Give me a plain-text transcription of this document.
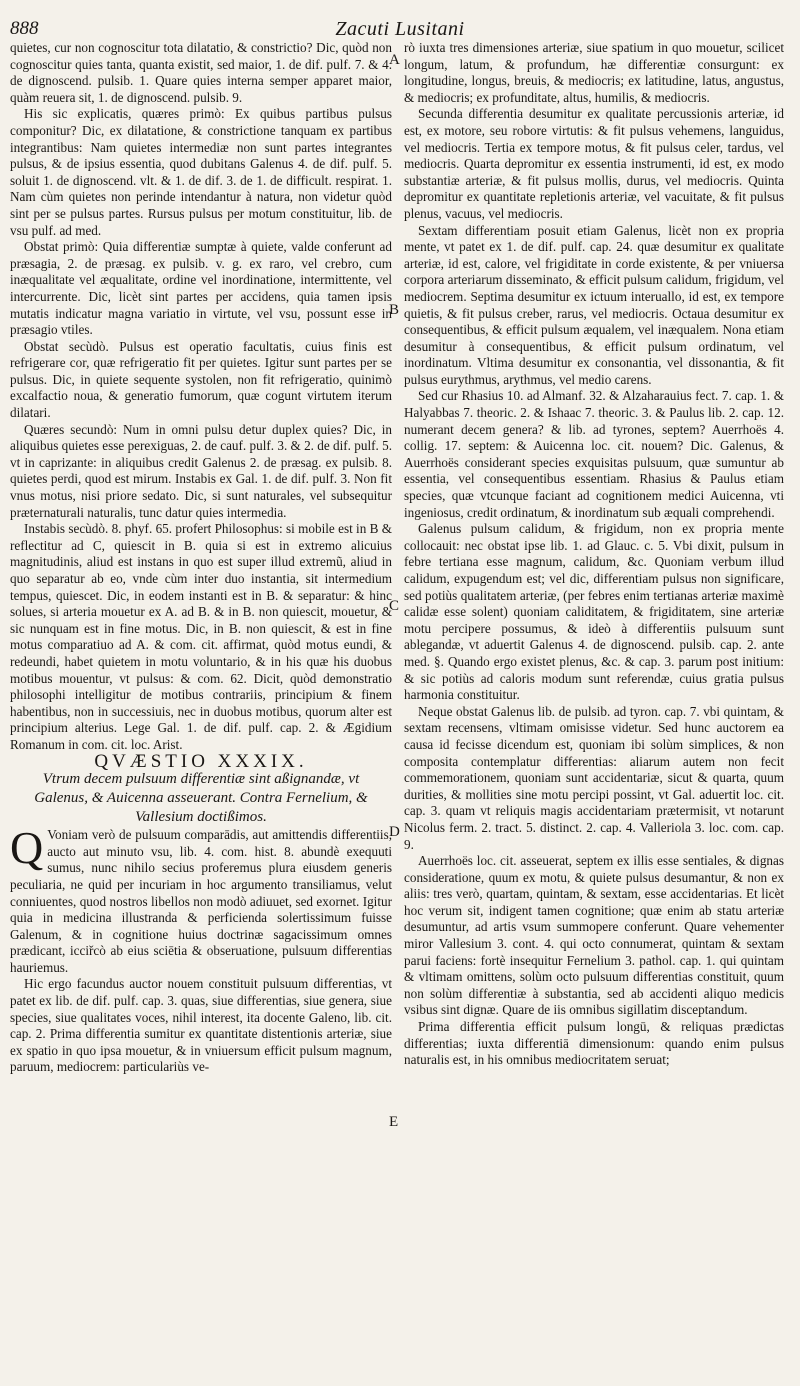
888	Zacuti Lusitani
A
B
C
D
E

quietes, cur non cognoscitur tota dilatatio, & constrictio? Dic, quòd non cognoscitur quies tanta, quanta existit, sed maior, 1. de dif. pulf. 7. & 4. de dignoscend. pulsib. 1. Quare quies interna semper apparet maior, quàm reuera sit, 1. de dignoscend. pulsib. 9.

His sic explicatis, quæres primò: Ex quibus partibus pulsus componitur? Dic, ex dilatatione, & constrictione tanquam ex partibus integrantibus: Nam quietes intermediæ non sunt partes integrantes pulsus, & de ipsius essentia, quod dubitans Galenus 4. de dif. pulf. 5. soluit 1. de dignoscend. vlt. & 1. de dif. 3. de 1. de difficult. respirat. 1. Nam cùm quietes non perinde intendantur à natura, non videtur quòd sint per se pulsus partes. Rursus pulsus per motum constituitur, lib. de vsu pulf. ad med.

Obstat primò: Quia differentiæ sumptæ à quiete, valde conferunt ad præsagia, 2. de præsag. ex pulsib. v. g. ex raro, vel crebro, cum inæqualitate vel æqualitate, ordine vel inordinatione, intermittente, vel intercurrente. Dic, licèt sint partes per accidens, quia tamen ipsis mutatis indicatur magna variatio in virtute, vel vsu, possunt esse in præsagio vtiles.

Obstat secùdò. Pulsus est operatio facultatis, cuius finis est refrigerare cor, quæ refrigeratio fit per quietes. Igitur sunt partes per se pulsus. Dic, in quiete sequente systolen, non fit refrigeratio, quinimò excalfactio noua, & generatio fumorum, quæ cogunt virtutem iterum dilatari.

Quæres secundò: Num in omni pulsu detur duplex quies? Dic, in aliquibus quietes esse perexiguas, 2. de cauf. pulf. 3. & 2. de dif. pulf. 5. vt in caprizante: in aliquibus credit Galenus 2. de præsag. ex pulsib. 8. quietes perdi, quod est mirum. Instabis ex Gal. 1. de dif. pulf. 3. Non fit vnus motus, nisi priore sedato. Dic, si sunt naturales, vel subsequitur præternaturali naturalis, tunc datur quies intermedia.

Instabis secùdò. 8. phyf. 65. profert Philosophus: si mobile est in B & reflectitur ad C, quiescit in B. quia si est in extremo alicuius magnitudinis, aliud est instans in quo est super illud extremũ, aliud in quo separatur ab eo, vnde cùm inter duo instantia, sit intermedium tempus, quiescet. Dic, in eodem instanti est in B. & separatur: & hinc solues, si arteria mouetur ex A. ad B. & in B. non quiescit, mouetur, & sic nunquam est in fine motus. Dic, in B. non quiescit, & est in fine motus comparatiuo ad A. & com. cit. affirmat, quòd motus eundi, & redeundi, habet quietem in motu voluntario, & in his quæ his duobus motibus mouentur, vt pulsus: & com. 62. Dicit, quòd demonstratio philosophi intelligitur de motibus contrariis, principium & finem habentibus, non in successiuis, nec in duobus motibus, quorum alter est principium alterius. Lege Gal. 1. de dif. pulf. cap. 2. & Ægidium Romanum in com. cit. loc. Arist.

QVÆSTIO XXXIX.

Vtrum decem pulsuum differentiæ sint aßignandæ, vt Galenus, & Auicenna asseuerant. Contra Fernelium, & Vallesium doctißimos.

Q Voniam verò de pulsuum comparādis, aut amittendis differentiis, aucto aut minuto vsu, lib. 4. com. hist. 8. abundè exequuti sumus, nunc nihilo secius proferemus plura eiusdem generis peculiaria, ne quid per incuriam in hoc argumento transiliamus, velut conniuentes, quod nostros libellos non modò adiuuet, sed exornet. Igitur quia in medicina illustranda & perficienda solertissimum fuisse Galenum, & in cognitione huius doctrinæ sagacissimum omnes prædicant, icciřcò ab eius sciētia & obseruatione, pulsuum differentias hauriemus.

Hic ergo facundus auctor nouem constituit pulsuum differentias, vt patet ex lib. de dif. pulf. cap. 3. quas, siue differentias, siue genera, siue species, siue qualitates voces, nihil interest, ita docente Galeno, lib. cit. cap. 2. Prima differentia sumitur ex quantitate distentionis arteriæ, siue ex spatio in quo ipsa mouetur, & in vniuersum efficit pulsum magnum, paruum, mediocrem: particulariùs ve-

rò iuxta tres dimensiones arteriæ, siue spatium in quo mouetur, scilicet longum, latum, & profundum, hæ differentiæ consurgunt: ex longitudine, longus, breuis, & mediocris; ex latitudine, latus, angustus, & mediocris; ex profunditate, altus, humilis, & mediocris.

Secunda differentia desumitur ex qualitate percussionis arteriæ, id est, ex motore, seu robore virtutis: & fit pulsus vehemens, languidus, vel mediocris. Tertia ex tempore motus, & fit pulsus celer, tardus, vel mediocris. Quarta depromitur ex essentia instrumenti, id est, ex modo substantiæ arteriæ, & fit pulsus mollis, durus, vel mediocris. Quinta depromitur ex quantitate repletionis arteriæ, vel vacuitate, & fit pulsus plenus, vacuus, vel mediocris.

Sextam differentiam posuit etiam Galenus, licèt non ex propria mente, vt patet ex 1. de dif. pulf. cap. 24. quæ desumitur ex qualitate arteriæ, id est, calore, vel frigiditate in corde existente, & per vniuersa corpora arteriarum disseminato, & efficit pulsum calidum, frigidum, vel mediocrem. Septima desumitur ex ictuum interuallo, id est, ex tempore quietis, & fit pulsus creber, rarus, vel mediocris. Octaua desumitur ex consequentibus, & efficit pulsum æqualem, vel inæqualem. Nona etiam desumitur à consequentibus, & efficit pulsum ordinatum, vel inordinatum. Vltima desumitur ex consonantia, vel dissonantia, & fit pulsus eurythmus, arythmus, vel medio carens.

Sed cur Rhasius 10. ad Almanf. 32. & Alzaharauius fect. 7. cap. 1. & Halyabbas 7. theoric. 2. & Ishaac 7. theoric. 3. & Paulus lib. 2. cap. 12. numerant decem genera? & lib. ad tyrones, septem? Auerrhoës 4. collig. 17. septem: & Auicenna loc. cit. nouem? Dic. Galenus, & Auerrhoës considerant species exquisitas pulsuum, quæ sumuntur ab essentia, vel consequentibus essentiam. Rhasius & Paulus etiam species, quæ vtcunque faciant ad cognitionem medici Auicenna, vti ingeniosus, credit ordinatum, & inordinatum sub æquali comprehendi.

Galenus pulsum calidum, & frigidum, non ex propria mente collocauit: nec obstat ipse lib. 1. ad Glauc. c. 5. Vbi dixit, pulsum in febre tertiana esse magnum, calidum, &c. Quoniam verbum illud calidum, expugendum est; vel dic, differentiam pulsus non significare, sed potiùs qualitatem arteriæ, (per febres enim tertianas arteriæ maximè calidæ esse solent) quoniam caliditatem, & frigiditatem, sine arteriæ motu percipere possumus, & ideò à differentiis pulsuum sunt ablegandæ, vt aduertit Galenus 4. de dignoscend. pulsib. cap. 2. ante med. §. Quando ergo existet plenus, &c. & cap. 3. parum post initium: & sic potiùs ad caloris modum sunt referendæ, cuius gratia pulsus harmonia constituitur.

Neque obstat Galenus lib. de pulsib. ad tyron. cap. 7. vbi quintam, & sextam recensens, vltimam omisisse videtur. Sed hunc auctorem ea causa id fecisse dicendum est, quoniam ibi solùm simplices, & non composita contemplatur differentias: aliarum autem non fecit commemorationem, quoniam sunt accidentariæ, sicut & quarta, quum durities, & mollities sine motu percipi possint, vt Gal. aduertit loc. cit. cap. 3. quam vt reliquis magis accidentariam prætermisit, vt notarunt Nicolus ferm. 2. tract. 5. distinct. 2. cap. 4. Valleriola 3. loc. com. cap. 9.

Auerrhoës loc. cit. asseuerat, septem ex illis esse sentiales, & dignas consideratione, quum ex motu, & quiete pulsus desumantur, & non ex aliis: tres verò, quartam, quintam, & sextam, esse accidentarias. Et licèt hoc verum sit, indigent tamen cognitione; quæ enim ab statu arteriæ desumuntur, ad artis vsum summopere conferunt. Quare vehementer miror Vallesium 3. cont. 4. qui octo connumerat, quintam & sextam parui faciens: fortè insequitur Fernelium 3. pathol. cap. 1. qui quintam & vltimam omittens, solùm octo pulsuum differentias constituit, quum non solùm differentiæ à substantia, sed ab accidenti aliquo medicis vsibus sint dignæ. Quare de iis omnibus sigillatim disceptandum.

Prima differentia efficit pulsum longū, & reliquas prædictas differentias; iuxta differentiā dimensionum: quando enim pulsus naturalis est, in his omnibus mediocritatem seruat;
